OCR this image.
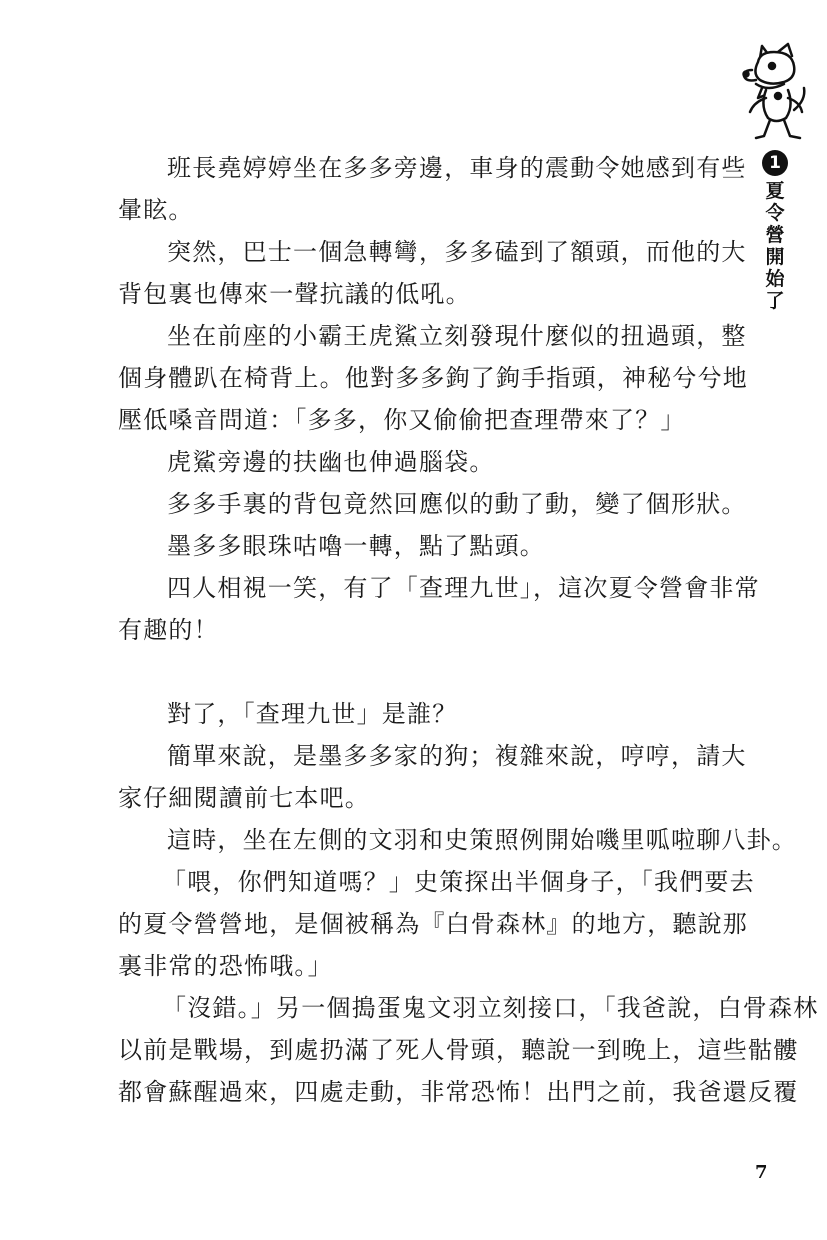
1
夏令營開始了
班長堯婷婷坐在多多旁邊，車身的震動令她感到有些
暈眩。
突然，巴士一個急轉彎，多多磕到了額頭，而他的大
背包裏也傳來一聲抗議的低吼。
坐在前座的小霸王虎鯊立刻發現什麼似的扭過頭，整
個身體趴在椅背上。他對多多鉤了鉤手指頭，神秘兮兮地
壓低嗓音問道：「多多，你又偷偷把查理帶來了？」
虎鯊旁邊的扶幽也伸過腦袋。
多多手裏的背包竟然回應似的動了動，變了個形狀。
墨多多眼珠咕嚕一轉，點了點頭。
四人相視一笑，有了「查理九世」，這次夏令營會非常
有趣的！
對了，「查理九世」是誰？
簡單來說，是墨多多家的狗；複雜來說，哼哼，請大
家仔細閱讀前七本吧。
這時，坐在左側的文羽和史策照例開始嘰里呱啦聊八卦。
「喂，你們知道嗎？」史策探出半個身子，「我們要去
的夏令營營地，是個被稱為『白骨森林』的地方，聽說那
裏非常的恐怖哦。」
「沒錯。」另一個搗蛋鬼文羽立刻接口，「我爸說，白骨森林
以前是戰場，到處扔滿了死人骨頭，聽說一到晚上，這些骷髏
都會蘇醒過來，四處走動，非常恐怖！出門之前，我爸還反覆
7
